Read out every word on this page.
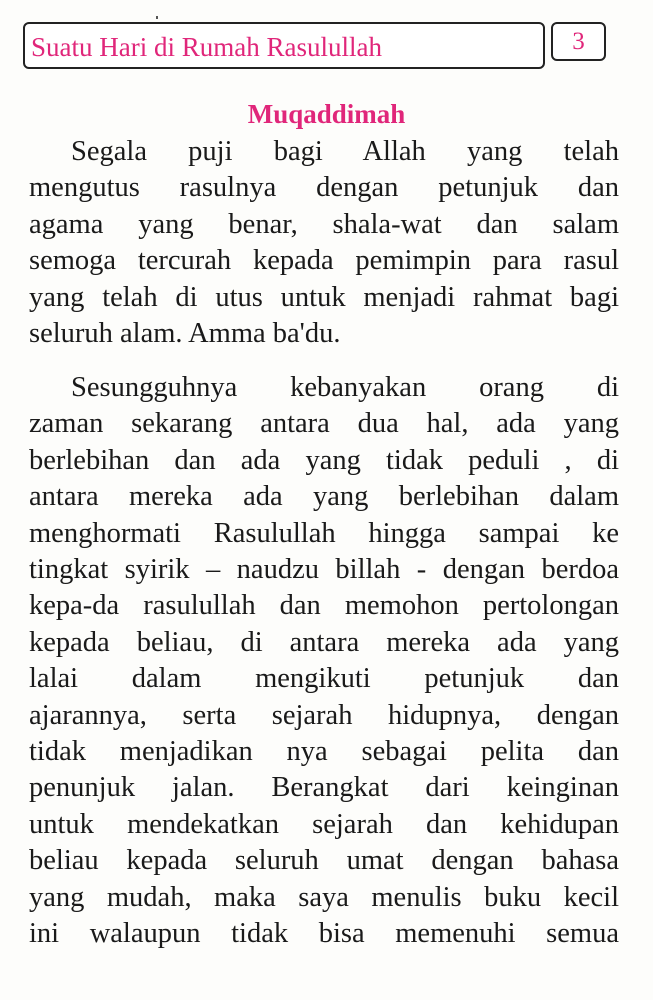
Suatu Hari di Rumah Rasulullah	3
Muqaddimah
Segala puji bagi Allah yang telah
mengutus rasulnya dengan petunjuk dan
agama yang benar, shala-wat dan salam
semoga tercurah kepada pemimpin para rasul
yang telah di utus untuk menjadi rahmat bagi
seluruh alam. Amma ba'du.
Sesungguhnya kebanyakan orang di
zaman sekarang antara dua hal, ada yang
berlebihan dan ada yang tidak peduli , di
antara mereka ada yang berlebihan dalam
menghormati Rasulullah hingga sampai ke
tingkat syirik – naudzu billah - dengan berdoa
kepa-da rasulullah dan memohon pertolongan
kepada beliau, di antara mereka ada yang
lalai dalam mengikuti petunjuk dan
ajarannya, serta sejarah hidupnya, dengan
tidak menjadikan nya sebagai pelita dan
penunjuk jalan. Berangkat dari keinginan
untuk mendekatkan sejarah dan kehidupan
beliau kepada seluruh umat dengan bahasa
yang mudah, maka saya menulis buku kecil
ini walaupun tidak bisa memenuhi semua
